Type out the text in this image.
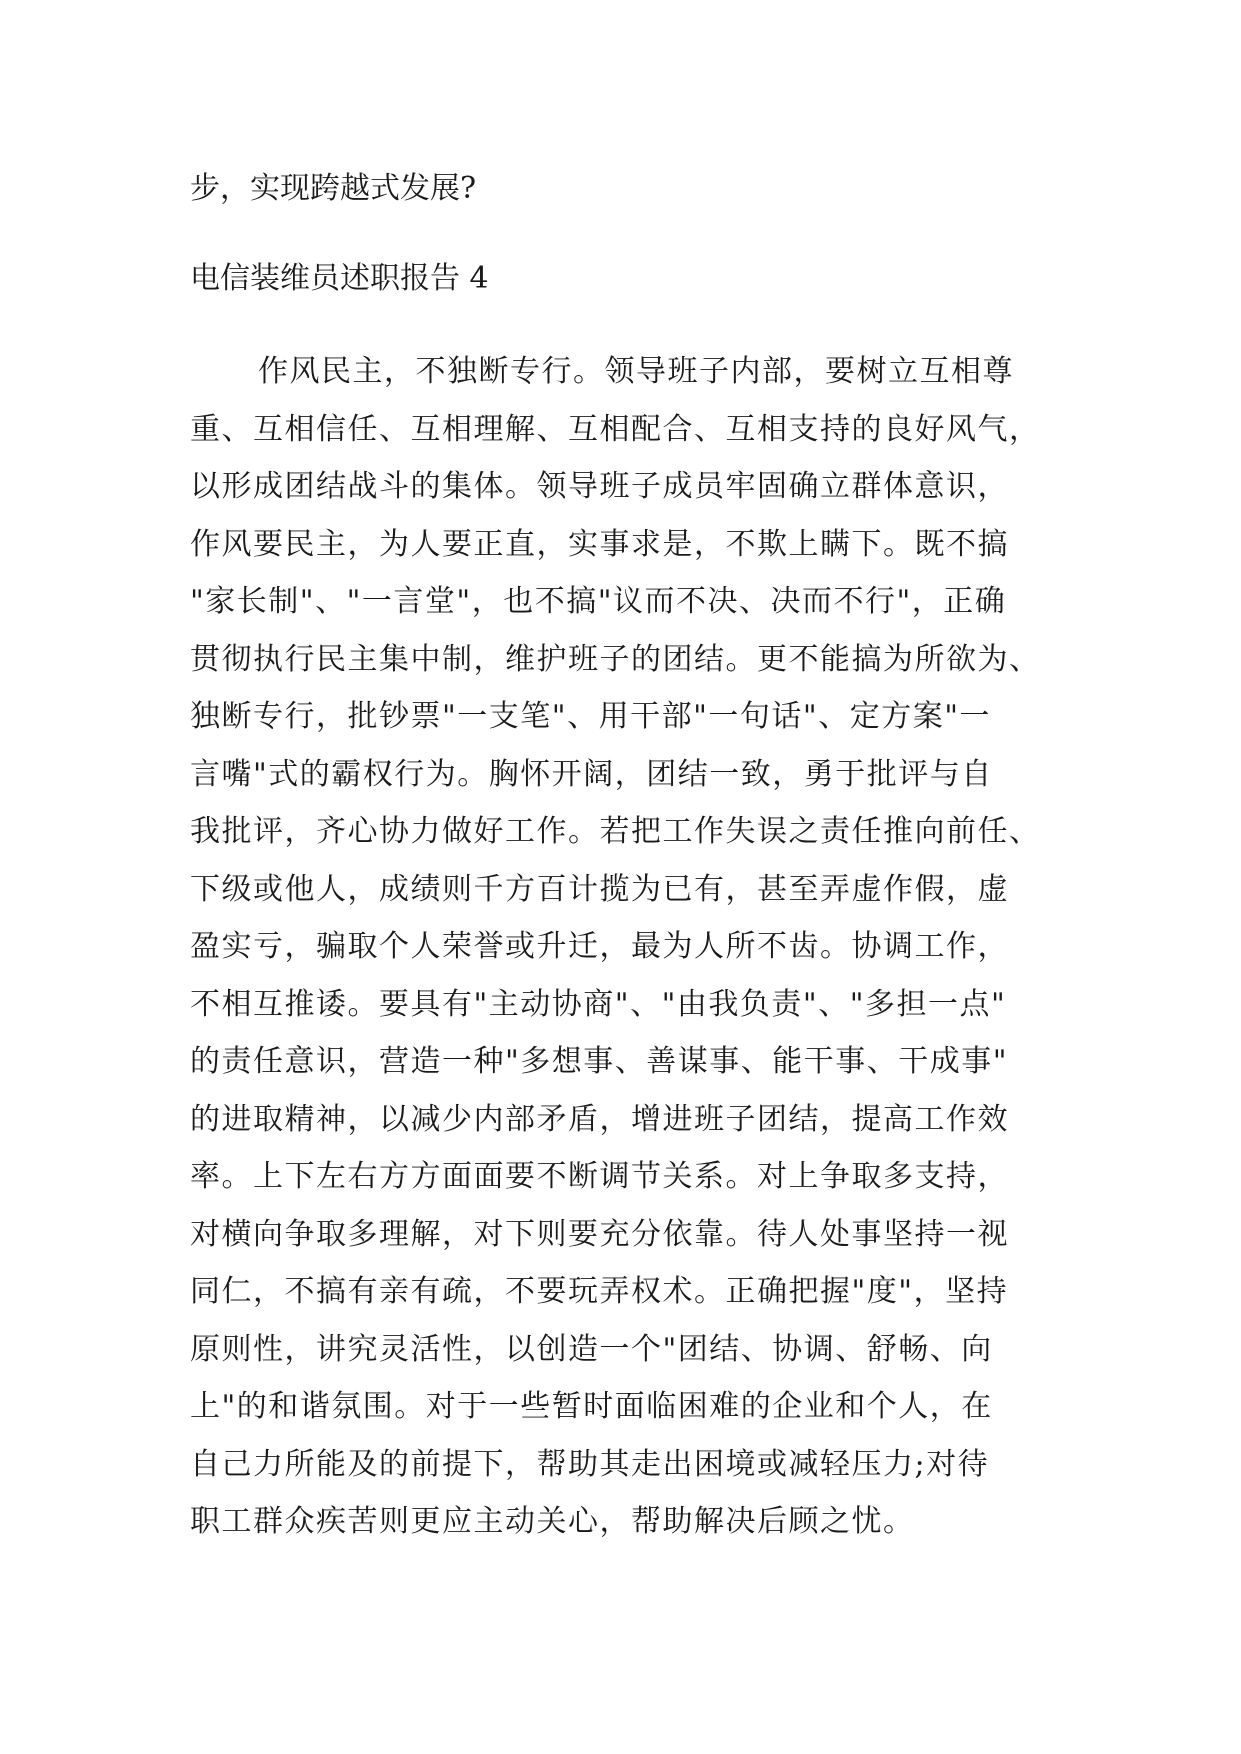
步，实现跨越式发展?
电信装维员述职报告 4
作风民主，不独断专行。领导班子内部，要树立互相尊
重、互相信任、互相理解、互相配合、互相支持的良好风气，
以形成团结战斗的集体。领导班子成员牢固确立群体意识，
作风要民主，为人要正直，实事求是，不欺上瞒下。既不搞
"家长制"、"一言堂"，也不搞"议而不决、决而不行"，正确
贯彻执行民主集中制，维护班子的团结。更不能搞为所欲为、
独断专行，批钞票"一支笔"、用干部"一句话"、定方案"一
言嘴"式的霸权行为。胸怀开阔，团结一致，勇于批评与自
我批评，齐心协力做好工作。若把工作失误之责任推向前任、
下级或他人，成绩则千方百计揽为已有，甚至弄虚作假，虚
盈实亏，骗取个人荣誉或升迁，最为人所不齿。协调工作，
不相互推诿。要具有"主动协商"、"由我负责"、"多担一点"
的责任意识，营造一种"多想事、善谋事、能干事、干成事"
的进取精神，以减少内部矛盾，增进班子团结，提高工作效
率。上下左右方方面面要不断调节关系。对上争取多支持，
对横向争取多理解，对下则要充分依靠。待人处事坚持一视
同仁，不搞有亲有疏，不要玩弄权术。正确把握"度"，坚持
原则性，讲究灵活性，以创造一个"团结、协调、舒畅、向
上"的和谐氛围。对于一些暂时面临困难的企业和个人，在
自己力所能及的前提下，帮助其走出困境或减轻压力;对待
职工群众疾苦则更应主动关心，帮助解决后顾之忧。
